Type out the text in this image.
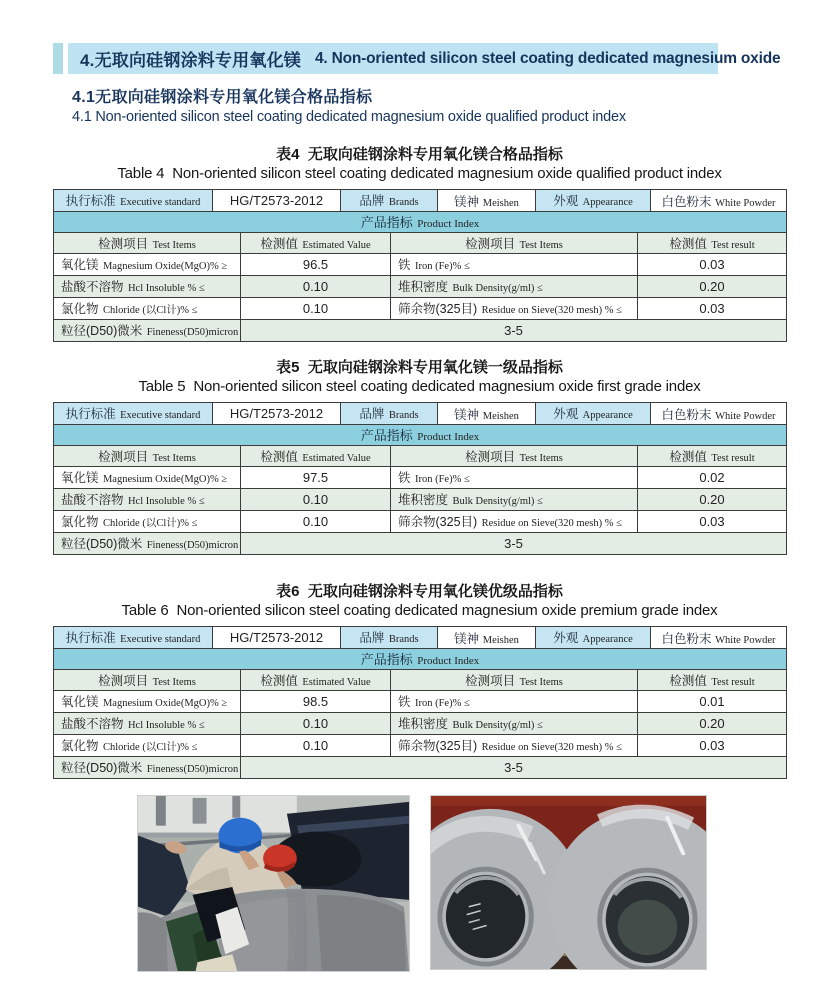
4.无取向硅钢涂料专用氧化镁 4. Non-oriented silicon steel coating dedicated magnesium oxide
4.1无取向硅钢涂料专用氧化镁合格品指标
4.1 Non-oriented silicon steel coating dedicated magnesium oxide qualified product index
表4  无取向硅钢涂料专用氧化镁合格品指标
Table 4  Non-oriented silicon steel coating dedicated magnesium oxide qualified product index
执行标准 Executive standard	HG/T2573-2012	品牌 Brands	镁神 Meishen	外观 Appearance	白色粉末 White Powder
产品指标 Product Index
检测项目 Test Items	检测值 Estimated Value	检测项目 Test Items	检测值 Test result
氧化镁 Magnesium Oxide(MgO)% ≥	96.5	铁 Iron (Fe)% ≤	0.03
盐酸不溶物 Hcl Insoluble % ≤	0.10	堆积密度 Bulk Density(g/ml) ≤	0.20
氯化物 Chloride (以Cl计)% ≤	0.10	筛余物(325目) Residue on Sieve(320 mesh) % ≤	0.03
粒径(D50)微米 Fineness(D50)micron	3-5		
表5  无取向硅钢涂料专用氧化镁一级品指标
Table 5  Non-oriented silicon steel coating dedicated magnesium oxide first grade index
执行标准 Executive standard	HG/T2573-2012	品牌 Brands	镁神 Meishen	外观 Appearance	白色粉末 White Powder
产品指标 Product Index
检测项目 Test Items	检测值 Estimated Value	检测项目 Test Items	检测值 Test result
氧化镁 Magnesium Oxide(MgO)% ≥	97.5	铁 Iron (Fe)% ≤	0.02
盐酸不溶物 Hcl Insoluble % ≤	0.10	堆积密度 Bulk Density(g/ml) ≤	0.20
氯化物 Chloride (以Cl计)% ≤	0.10	筛余物(325目) Residue on Sieve(320 mesh) % ≤	0.03
粒径(D50)微米 Fineness(D50)micron	3-5		
表6  无取向硅钢涂料专用氧化镁优级品指标
Table 6  Non-oriented silicon steel coating dedicated magnesium oxide premium grade index
执行标准 Executive standard	HG/T2573-2012	品牌 Brands	镁神 Meishen	外观 Appearance	白色粉末 White Powder
产品指标 Product Index
检测项目 Test Items	检测值 Estimated Value	检测项目 Test Items	检测值 Test result
氧化镁 Magnesium Oxide(MgO)% ≥	98.5	铁 Iron (Fe)% ≤	0.01
盐酸不溶物 Hcl Insoluble % ≤	0.10	堆积密度 Bulk Density(g/ml) ≤	0.20
氯化物 Chloride (以Cl计)% ≤	0.10	筛余物(325目) Residue on Sieve(320 mesh) % ≤	0.03
粒径(D50)微米 Fineness(D50)micron	3-5		
